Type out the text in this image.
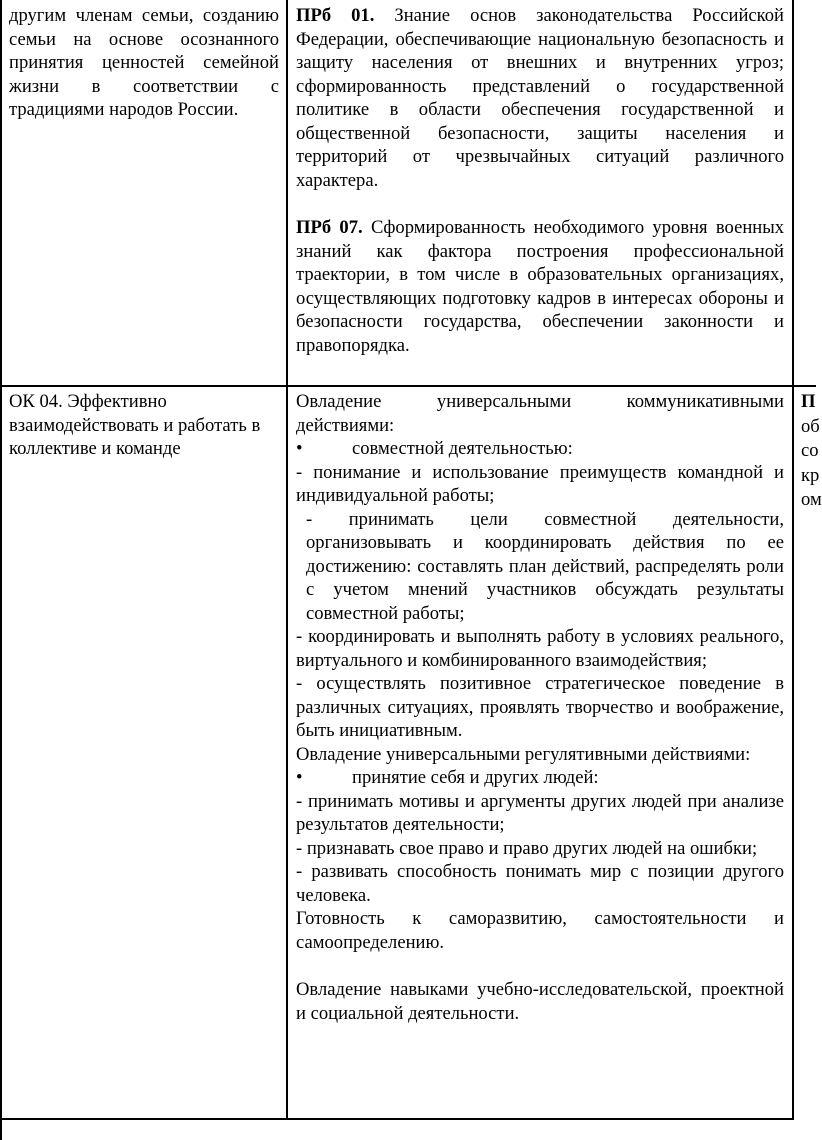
другим членам семьи, созданию семьи на основе осознанного принятия ценностей семейной жизни в соответствии с традициями народов России.

ПРб 01. Знание основ законодательства Российской Федерации, обеспечивающие национальную безопасность и защиту населения от внешних и внутренних угроз; сформированность представлений о государственной политике в области обеспечения государственной и общественной безопасности, защиты населения и территорий от чрезвычайных ситуаций различного характера.

ПРб 07. Сформированность необходимого уровня военных знаний как фактора построения профессиональной траектории, в том числе в образовательных организациях, осуществляющих подготовку кадров в интересах обороны и безопасности государства, обеспечении законности и правопорядка.

ОК 04. Эффективно взаимодействовать и работать в коллективе и команде

Овладение универсальными коммуникативными действиями:

•	совместной деятельностью:

- понимание и использование преимуществ командной и индивидуальной работы;

- принимать цели совместной деятельности, организовывать и координировать действия по ее достижению: составлять план действий, распределять роли с учетом мнений участников обсуждать результаты совместной работы;

- координировать и выполнять работу в условиях реального, виртуального и комбинированного взаимодействия;

- осуществлять позитивное стратегическое поведение в различных ситуациях, проявлять творчество и воображение, быть инициативным.

Овладение универсальными регулятивными действиями:

•	принятие себя и других людей:

- принимать мотивы и аргументы других людей при анализе результатов деятельности;

- признавать свое право и право других людей на ошибки;

- развивать способность понимать мир с позиции другого человека.

Готовность к саморазвитию, самостоятельности и самоопределению.

Овладение навыками учебно-исследовательской, проектной и социальной деятельности.

П
об
со
кр
ом
